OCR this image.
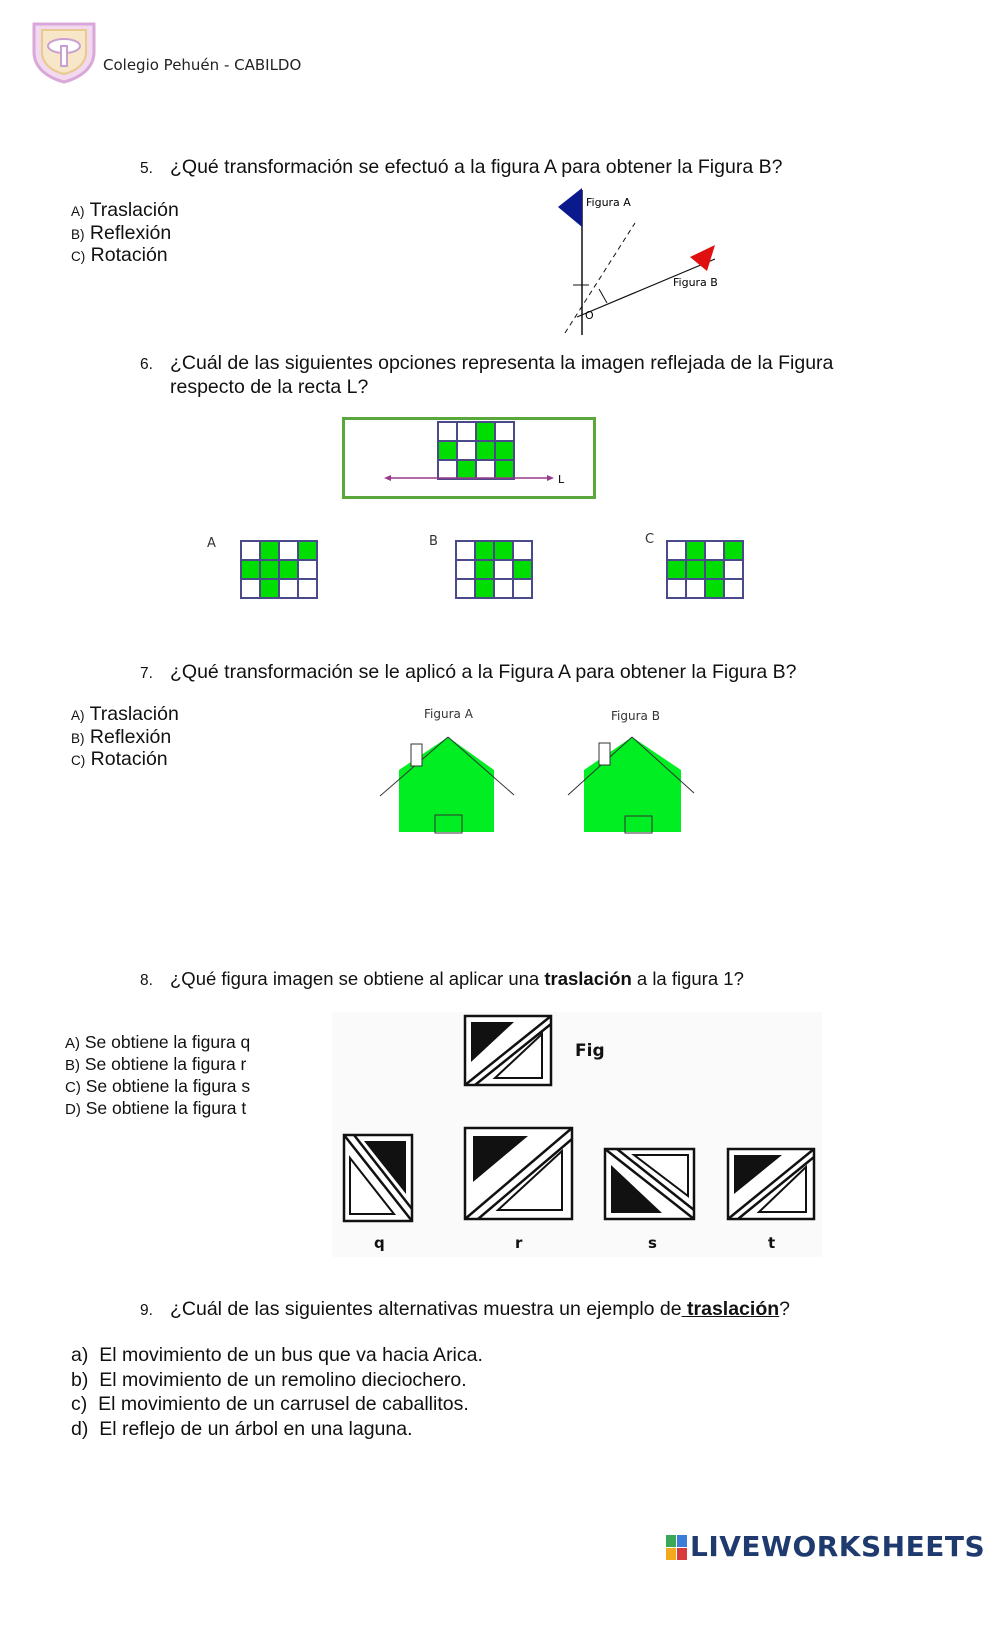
Colegio Pehuén - CABILDO
5. ¿Qué transformación se efectuó a la figura A para obtener la Figura B?
A) Traslación
B) Reflexión
C) Rotación
Figura A
Figura B
O
6. ¿Cuál de las siguientes opciones representa la imagen reflejada de la Figura respecto de la recta L?
L
A	B	C
7. ¿Qué transformación se le aplicó a la Figura A para obtener la Figura B?
A) Traslación
B) Reflexión
C) Rotación
Figura A	Figura B
8. ¿Qué figura imagen se obtiene al aplicar una traslación a la figura 1?
A) Se obtiene la figura q
B) Se obtiene la figura r
C) Se obtiene la figura s
D) Se obtiene la figura t
Fig
q	r	s	t
9. ¿Cuál de las siguientes alternativas muestra un ejemplo de traslación?
a) El movimiento de un bus que va hacia Arica.
b) El movimiento de un remolino dieciochero.
c) El movimiento de un carrusel de caballitos.
d) El reflejo de un árbol en una laguna.
LIVEWORKSHEETS
